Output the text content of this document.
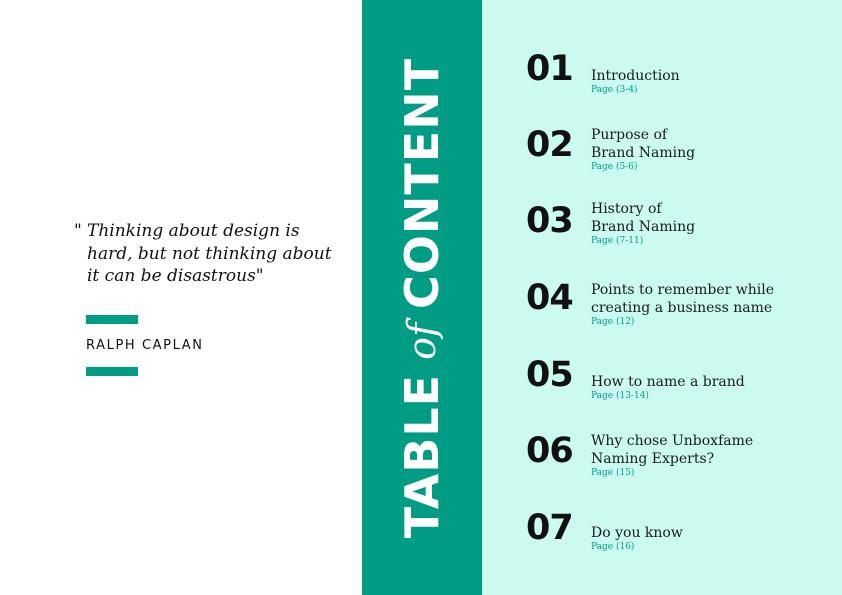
" Thinking about design is hard, but not thinking about it can be disastrous"

RALPH CAPLAN
TABLE
of
CONTENT 01 Introduction
Page (3-4)
02 Purpose of
Brand Naming
Page (5-6)
03 History of
Brand Naming
Page (7-11)
04 Points to remember while
creating a business name
Page (12)
05 How to name a brand
Page (13-14)
06 Why chose Unboxfame
Naming Experts?
Page (15)
07 Do you know
Page (16)
